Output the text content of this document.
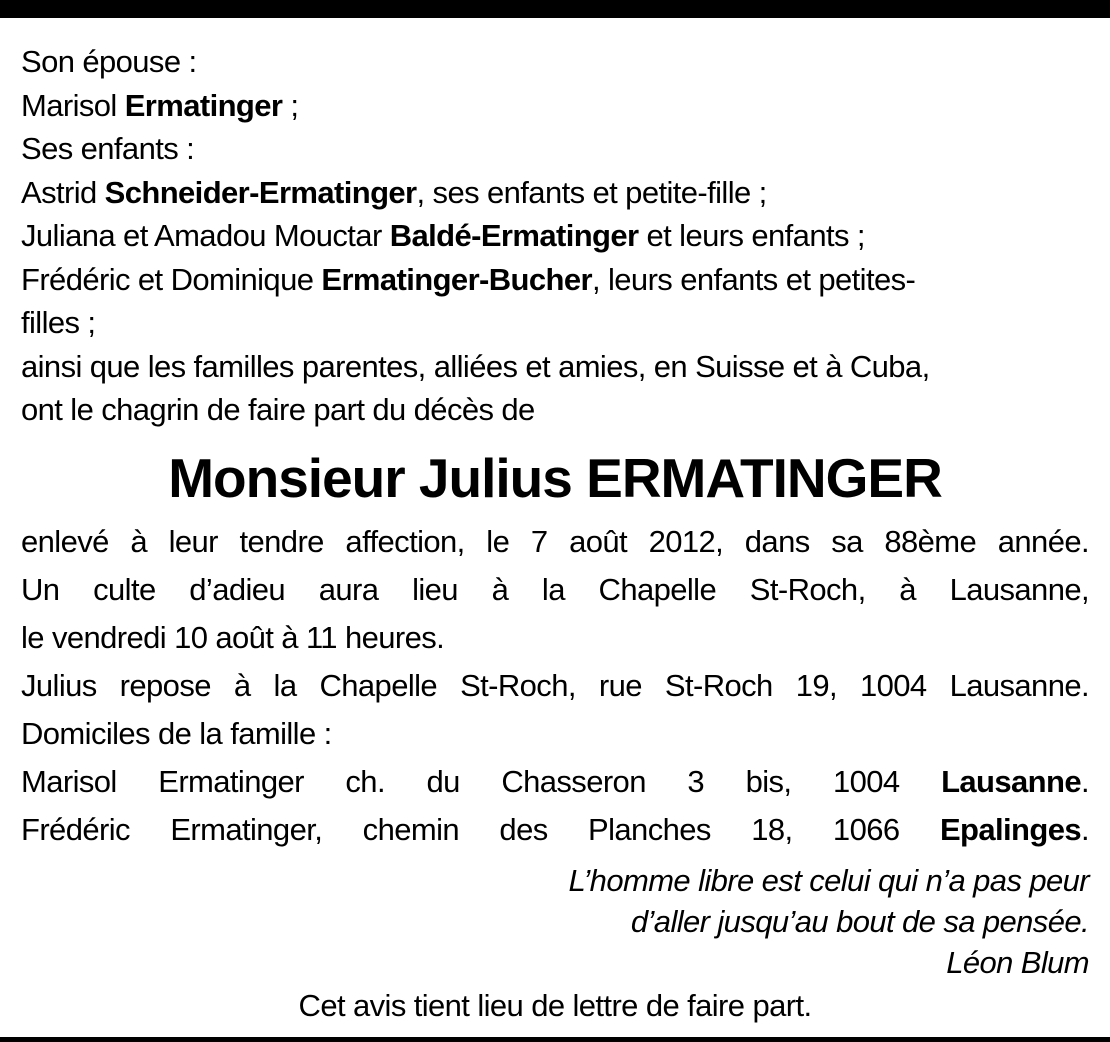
Son épouse :
Marisol Ermatinger ;
Ses enfants :
Astrid Schneider-Ermatinger, ses enfants et petite-fille ;
Juliana et Amadou Mouctar Baldé-Ermatinger et leurs enfants ;
Frédéric et Dominique Ermatinger-Bucher, leurs enfants et petites-
filles ;
ainsi que les familles parentes, alliées et amies, en Suisse et à Cuba,
ont le chagrin de faire part du décès de
Monsieur Julius ERMATINGER
enlevé à leur tendre affection, le 7 août 2012, dans sa 88ème année.
Un culte d’adieu aura lieu à la Chapelle St-Roch, à Lausanne,
le vendredi 10 août à 11 heures.
Julius repose à la Chapelle St-Roch, rue St-Roch 19, 1004 Lausanne.
Domiciles de la famille :
Marisol Ermatinger ch. du Chasseron 3 bis, 1004 Lausanne.
Frédéric Ermatinger, chemin des Planches 18, 1066 Epalinges.
L’homme libre est celui qui n’a pas peur
d’aller jusqu’au bout de sa pensée.
Léon Blum
Cet avis tient lieu de lettre de faire part.
